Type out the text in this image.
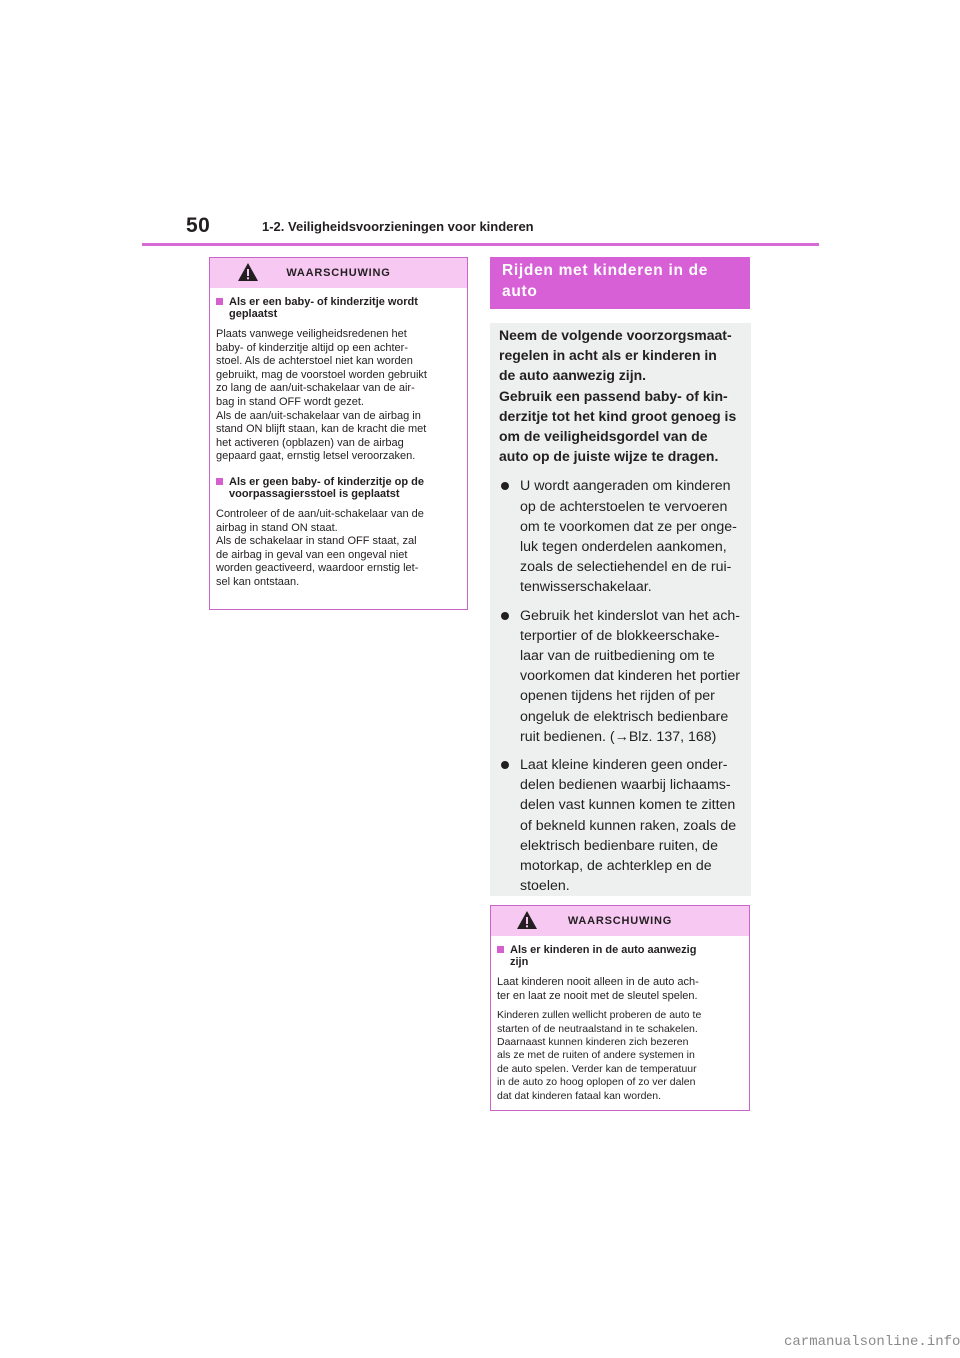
50	1-2. Veiligheidsvoorzieningen voor kinderen
WAARSCHUWING
Als er een baby- of kinderzitje wordt
geplaatst
Plaats vanwege veiligheidsredenen het
baby- of kinderzitje altijd op een achter-
stoel. Als de achterstoel niet kan worden
gebruikt, mag de voorstoel worden gebruikt
zo lang de aan/uit-schakelaar van de air-
bag in stand OFF wordt gezet.
Als de aan/uit-schakelaar van de airbag in
stand ON blijft staan, kan de kracht die met
het activeren (opblazen) van de airbag
gepaard gaat, ernstig letsel veroorzaken.
Als er geen baby- of kinderzitje op de
voorpassagiersstoel is geplaatst
Controleer of de aan/uit-schakelaar van de
airbag in stand ON staat.
Als de schakelaar in stand OFF staat, zal
de airbag in geval van een ongeval niet
worden geactiveerd, waardoor ernstig let-
sel kan ontstaan.
Rijden met kinderen in de
auto

Neem de volgende voorzorgsmaat-
regelen in acht als er kinderen in
de auto aanwezig zijn.
Gebruik een passend baby- of kin-
derzitje tot het kind groot genoeg is
om de veiligheidsgordel van de
auto op de juiste wijze te dragen.

U wordt aangeraden om kinderen
op de achterstoelen te vervoeren
om te voorkomen dat ze per onge-
luk tegen onderdelen aankomen,
zoals de selectiehendel en de rui-
tenwisserschakelaar.
Gebruik het kinderslot van het ach-
terportier of de blokkeerschake-
laar van de ruitbediening om te
voorkomen dat kinderen het portier
openen tijdens het rijden of per
ongeluk de elektrisch bedienbare
ruit bedienen. (→Blz. 137, 168)
Laat kleine kinderen geen onder-
delen bedienen waarbij lichaams-
delen vast kunnen komen te zitten
of bekneld kunnen raken, zoals de
elektrisch bedienbare ruiten, de
motorkap, de achterklep en de
stoelen.
WAARSCHUWING
Als er kinderen in de auto aanwezig
zijn
Laat kinderen nooit alleen in de auto ach-
ter en laat ze nooit met de sleutel spelen.
Kinderen zullen wellicht proberen de auto te
starten of de neutraalstand in te schakelen.
Daarnaast kunnen kinderen zich bezeren
als ze met de ruiten of andere systemen in
de auto spelen. Verder kan de temperatuur
in de auto zo hoog oplopen of zo ver dalen
dat dat kinderen fataal kan worden.
carmanualsonline.info
